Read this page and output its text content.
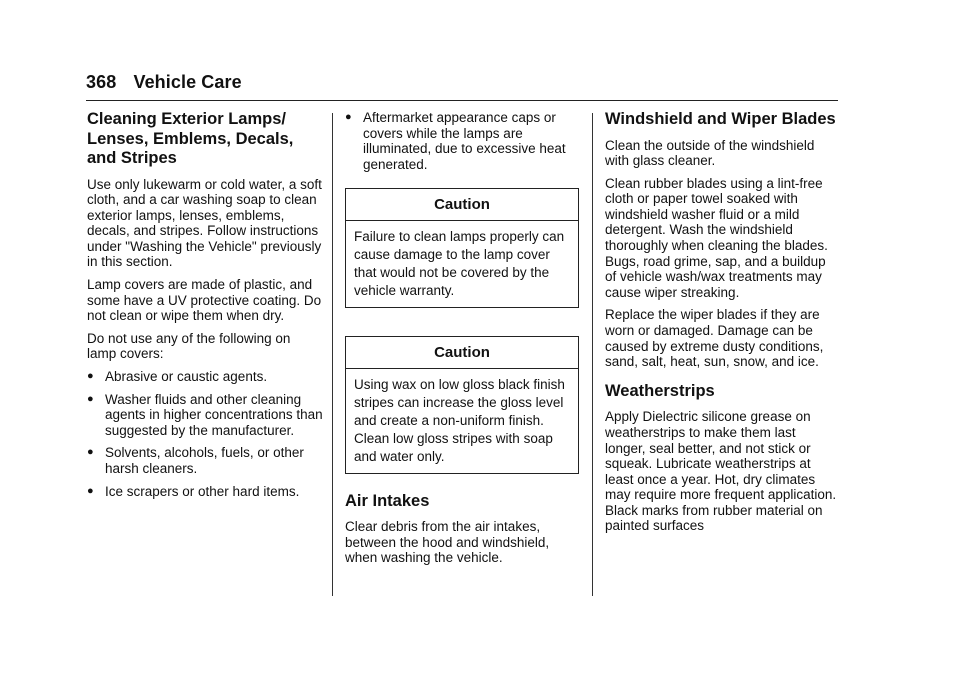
368 Vehicle Care
Cleaning Exterior Lamps/ Lenses, Emblems, Decals, and Stripes

Use only lukewarm or cold water, a soft cloth, and a car washing soap to clean exterior lamps, lenses, emblems, decals, and stripes. Follow instructions under "Washing the Vehicle" previously in this section.

Lamp covers are made of plastic, and some have a UV protective coating. Do not clean or wipe them when dry.

Do not use any of the following on lamp covers:

● Abrasive or caustic agents.
● Washer fluids and other cleaning agents in higher concentrations than suggested by the manufacturer.
● Solvents, alcohols, fuels, or other harsh cleaners.
● Ice scrapers or other hard items.
● Aftermarket appearance caps or covers while the lamps are illuminated, due to excessive heat generated.
Caution
Failure to clean lamps properly can cause damage to the lamp cover that would not be covered by the vehicle warranty.
Caution
Using wax on low gloss black finish stripes can increase the gloss level and create a non-uniform finish. Clean low gloss stripes with soap and water only.
Air Intakes

Clear debris from the air intakes, between the hood and windshield, when washing the vehicle.

Windshield and Wiper Blades

Clean the outside of the windshield with glass cleaner.

Clean rubber blades using a lint-free cloth or paper towel soaked with windshield washer fluid or a mild detergent. Wash the windshield thoroughly when cleaning the blades. Bugs, road grime, sap, and a buildup of vehicle wash/wax treatments may cause wiper streaking.

Replace the wiper blades if they are worn or damaged. Damage can be caused by extreme dusty conditions, sand, salt, heat, sun, snow, and ice.

Weatherstrips

Apply Dielectric silicone grease on weatherstrips to make them last longer, seal better, and not stick or squeak. Lubricate weatherstrips at least once a year. Hot, dry climates may require more frequent application. Black marks from rubber material on painted surfaces
